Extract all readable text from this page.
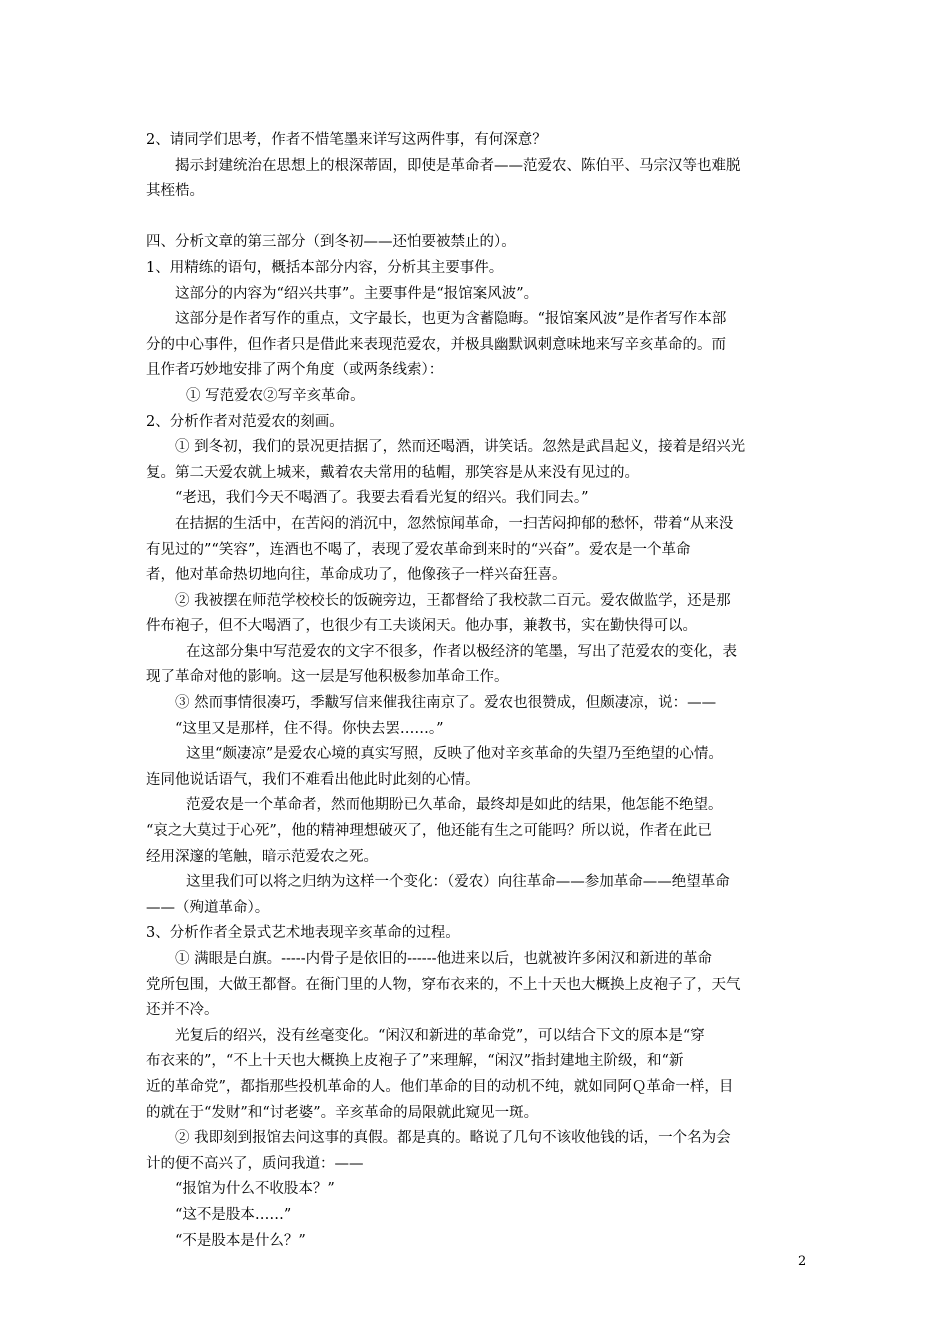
2、请同学们思考，作者不惜笔墨来详写这两件事，有何深意？
揭示封建统治在思想上的根深蒂固，即使是革命者——范爱农、陈伯平、马宗汉等也难脱
其桎梏。
四、分析文章的第三部分（到冬初——还怕要被禁止的）。
1、用精练的语句，概括本部分内容，分析其主要事件。
这部分的内容为“绍兴共事”。主要事件是“报馆案风波”。
这部分是作者写作的重点，文字最长，也更为含蓄隐晦。“报馆案风波”是作者写作本部
分的中心事件，但作者只是借此来表现范爱农，并极具幽默讽刺意味地来写辛亥革命的。而
且作者巧妙地安排了两个角度（或两条线索）：
① 写范爱农②写辛亥革命。
2、分析作者对范爱农的刻画。
① 到冬初，我们的景况更拮据了，然而还喝酒，讲笑话。忽然是武昌起义，接着是绍兴光
复。第二天爱农就上城来，戴着农夫常用的毡帽，那笑容是从来没有见过的。
“老迅，我们今天不喝酒了。我要去看看光复的绍兴。我们同去。”
在拮据的生活中，在苦闷的消沉中，忽然惊闻革命，一扫苦闷抑郁的愁怀，带着“从来没
有见过的”“笑容”，连酒也不喝了，表现了爱农革命到来时的“兴奋”。爱农是一个革命
者，他对革命热切地向往，革命成功了，他像孩子一样兴奋狂喜。
② 我被摆在师范学校校长的饭碗旁边，王都督给了我校款二百元。爱农做监学，还是那
件布袍子，但不大喝酒了，也很少有工夫谈闲天。他办事，兼教书，实在勤快得可以。
在这部分集中写范爱农的文字不很多，作者以极经济的笔墨，写出了范爱农的变化，表
现了革命对他的影响。这一层是写他积极参加革命工作。
③ 然而事情很凑巧，季黻写信来催我往南京了。爱农也很赞成，但颇凄凉，说：——
“这里又是那样，住不得。你快去罢……。”
这里“颇凄凉”是爱农心境的真实写照，反映了他对辛亥革命的失望乃至绝望的心情。
连同他说话语气，我们不难看出他此时此刻的心情。
范爱农是一个革命者，然而他期盼已久革命，最终却是如此的结果，他怎能不绝望。
“哀之大莫过于心死”，他的精神理想破灭了，他还能有生之可能吗？所以说，作者在此已
经用深邃的笔触，暗示范爱农之死。
这里我们可以将之归纳为这样一个变化：（爱农）向往革命——参加革命——绝望革命
——（殉道革命）。
3、分析作者全景式艺术地表现辛亥革命的过程。
① 满眼是白旗。-----内骨子是依旧的------他进来以后，也就被许多闲汉和新进的革命
党所包围，大做王都督。在衙门里的人物，穿布衣来的，不上十天也大概换上皮袍子了，天气
还并不冷。
光复后的绍兴，没有丝毫变化。“闲汉和新进的革命党”，可以结合下文的原本是“穿
布衣来的”，“不上十天也大概换上皮袍子了”来理解，“闲汉”指封建地主阶级，和“新
近的革命党”，都指那些投机革命的人。他们革命的目的动机不纯，就如同阿Ｑ革命一样，目
的就在于“发财”和“讨老婆”。辛亥革命的局限就此窥见一斑。
② 我即刻到报馆去问这事的真假。都是真的。略说了几句不该收他钱的话，一个名为会
计的便不高兴了，质问我道：——
“报馆为什么不收股本？”
“这不是股本……”
“不是股本是什么？”
2
